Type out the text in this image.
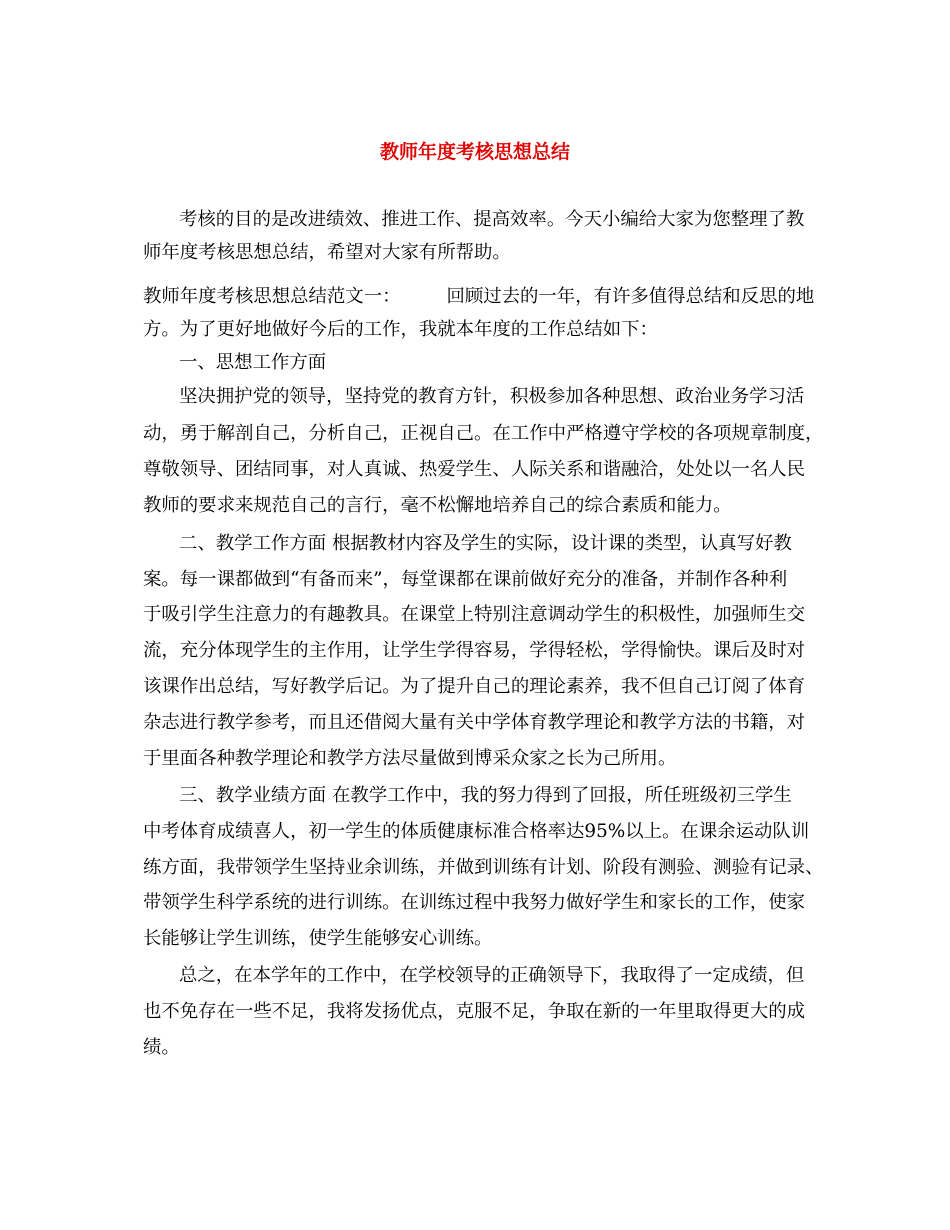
教师年度考核思想总结
考核的目的是改进绩效、推进工作、提高效率。今天小编给大家为您整理了教
师年度考核思想总结，希望对大家有所帮助。
教师年度考核思想总结范文一：　　　回顾过去的一年，有许多值得总结和反思的地
方。为了更好地做好今后的工作，我就本年度的工作总结如下：
一、思想工作方面
坚决拥护党的领导，坚持党的教育方针，积极参加各种思想、政治业务学习活
动，勇于解剖自己，分析自己，正视自己。在工作中严格遵守学校的各项规章制度，
尊敬领导、团结同事，对人真诚、热爱学生、人际关系和谐融洽，处处以一名人民
教师的要求来规范自己的言行，毫不松懈地培养自己的综合素质和能力。
二、教学工作方面 根据教材内容及学生的实际，设计课的类型，认真写好教
案。每一课都做到“有备而来”，每堂课都在课前做好充分的准备，并制作各种利
于吸引学生注意力的有趣教具。在课堂上特别注意调动学生的积极性，加强师生交
流，充分体现学生的主作用，让学生学得容易，学得轻松，学得愉快。课后及时对
该课作出总结，写好教学后记。为了提升自己的理论素养，我不但自己订阅了体育
杂志进行教学参考，而且还借阅大量有关中学体育教学理论和教学方法的书籍，对
于里面各种教学理论和教学方法尽量做到博采众家之长为己所用。
三、教学业绩方面 在教学工作中，我的努力得到了回报，所任班级初三学生
中考体育成绩喜人，初一学生的体质健康标准合格率达95%以上。在课余运动队训
练方面，我带领学生坚持业余训练，并做到训练有计划、阶段有测验、测验有记录、
带领学生科学系统的进行训练。在训练过程中我努力做好学生和家长的工作，使家
长能够让学生训练，使学生能够安心训练。
总之，在本学年的工作中，在学校领导的正确领导下，我取得了一定成绩，但
也不免存在一些不足，我将发扬优点，克服不足，争取在新的一年里取得更大的成
绩。
